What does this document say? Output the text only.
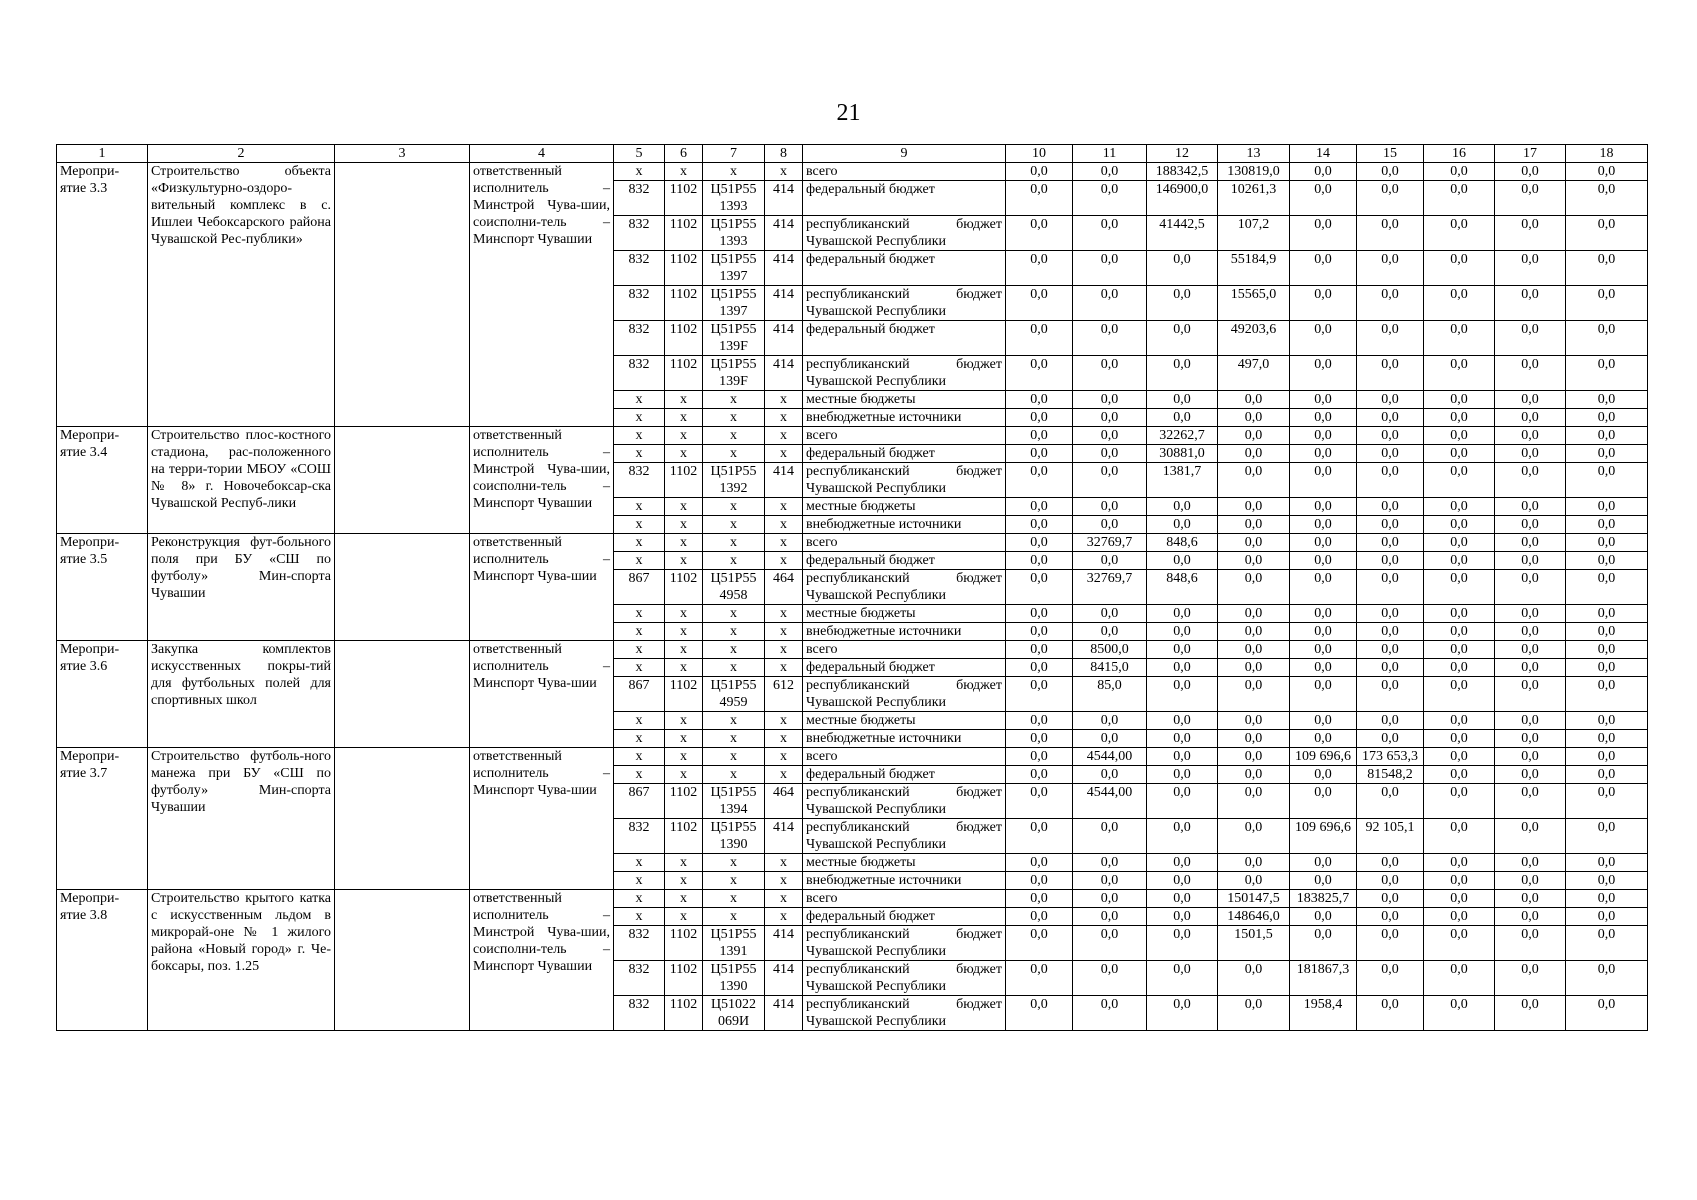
21
1	2	3	4	5	6	7	8	9	10	11	12	13	14	15	16	17	18
Меропри-ятие 3.3	Строительство объекта «Физкультурно-оздоро-вительный комплекс в с. Ишлеи Чебоксарского района Чувашской Рес-публики»		ответственный исполнитель – Минстрой Чува-шии, соисполни-тель – Минспорт Чувашии	х	х	х	х	всего	0,0	0,0	188342,5	130819,0	0,0	0,0	0,0	0,0	0,0
				832	1102	Ц51Р55 1393	414	федеральный бюджет	0,0	0,0	146900,0	10261,3	0,0	0,0	0,0	0,0	0,0
				832	1102	Ц51Р55 1393	414	республиканский бюджет Чувашской Республики	0,0	0,0	41442,5	107,2	0,0	0,0	0,0	0,0	0,0
				832	1102	Ц51Р55 1397	414	федеральный бюджет	0,0	0,0	0,0	55184,9	0,0	0,0	0,0	0,0	0,0
				832	1102	Ц51Р55 1397	414	республиканский бюджет Чувашской Республики	0,0	0,0	0,0	15565,0	0,0	0,0	0,0	0,0	0,0
				832	1102	Ц51Р55 139F	414	федеральный бюджет	0,0	0,0	0,0	49203,6	0,0	0,0	0,0	0,0	0,0
				832	1102	Ц51Р55 139F	414	республиканский бюджет Чувашской Республики	0,0	0,0	0,0	497,0	0,0	0,0	0,0	0,0	0,0
				х	х	х	х	местные бюджеты	0,0	0,0	0,0	0,0	0,0	0,0	0,0	0,0	0,0
				х	х	х	х	внебюджетные источники	0,0	0,0	0,0	0,0	0,0	0,0	0,0	0,0	0,0
Меропри-ятие 3.4	Строительство плос-костного стадиона, рас-положенного на терри-тории МБОУ «СОШ № 8» г. Новочебоксар-ска Чувашской Респуб-лики		ответственный исполнитель – Минстрой Чува-шии, соисполни-тель – Минспорт Чувашии	х	х	х	х	всего	0,0	0,0	32262,7	0,0	0,0	0,0	0,0	0,0	0,0
				х	х	х	х	федеральный бюджет	0,0	0,0	30881,0	0,0	0,0	0,0	0,0	0,0	0,0
				832	1102	Ц51Р55 1392	414	республиканский бюджет Чувашской Республики	0,0	0,0	1381,7	0,0	0,0	0,0	0,0	0,0	0,0
				х	х	х	х	местные бюджеты	0,0	0,0	0,0	0,0	0,0	0,0	0,0	0,0	0,0
				х	х	х	х	внебюджетные источники	0,0	0,0	0,0	0,0	0,0	0,0	0,0	0,0	0,0
Меропри-ятие 3.5	Реконструкция фут-больного поля при БУ «СШ по футболу» Мин-спорта Чувашии		ответственный исполнитель – Минспорт Чува-шии	х	х	х	х	всего	0,0	32769,7	848,6	0,0	0,0	0,0	0,0	0,0	0,0
				х	х	х	х	федеральный бюджет	0,0	0,0	0,0	0,0	0,0	0,0	0,0	0,0	0,0
				867	1102	Ц51Р55 4958	464	республиканский бюджет Чувашской Республики	0,0	32769,7	848,6	0,0	0,0	0,0	0,0	0,0	0,0
				х	х	х	х	местные бюджеты	0,0	0,0	0,0	0,0	0,0	0,0	0,0	0,0	0,0
				х	х	х	х	внебюджетные источники	0,0	0,0	0,0	0,0	0,0	0,0	0,0	0,0	0,0
Меропри-ятие 3.6	Закупка комплектов искусственных покры-тий для футбольных полей для спортивных школ		ответственный исполнитель – Минспорт Чува-шии	х	х	х	х	всего	0,0	8500,0	0,0	0,0	0,0	0,0	0,0	0,0	0,0
				х	х	х	х	федеральный бюджет	0,0	8415,0	0,0	0,0	0,0	0,0	0,0	0,0	0,0
				867	1102	Ц51Р55 4959	612	республиканский бюджет Чувашской Республики	0,0	85,0	0,0	0,0	0,0	0,0	0,0	0,0	0,0
				х	х	х	х	местные бюджеты	0,0	0,0	0,0	0,0	0,0	0,0	0,0	0,0	0,0
				х	х	х	х	внебюджетные источники	0,0	0,0	0,0	0,0	0,0	0,0	0,0	0,0	0,0
Меропри-ятие 3.7	Строительство футболь-ного манежа при БУ «СШ по футболу» Мин-спорта Чувашии		ответственный исполнитель – Минспорт Чува-шии	х	х	х	х	всего	0,0	4544,00	0,0	0,0	109 696,6	173 653,3	0,0	0,0	0,0
				х	х	х	х	федеральный бюджет	0,0	0,0	0,0	0,0	0,0	81548,2	0,0	0,0	0,0
				867	1102	Ц51Р55 1394	464	республиканский бюджет Чувашской Республики	0,0	4544,00	0,0	0,0	0,0	0,0	0,0	0,0	0,0
				832	1102	Ц51Р55 1390	414	республиканский бюджет Чувашской Республики	0,0	0,0	0,0	0,0	109 696,6	92 105,1	0,0	0,0	0,0
				х	х	х	х	местные бюджеты	0,0	0,0	0,0	0,0	0,0	0,0	0,0	0,0	0,0
				х	х	х	х	внебюджетные источники	0,0	0,0	0,0	0,0	0,0	0,0	0,0	0,0	0,0
Меропри-ятие 3.8	Строительство крытого катка с искусственным льдом в микрорай-оне № 1 жилого района «Новый город» г. Че-боксары, поз. 1.25		ответственный исполнитель – Минстрой Чува-шии, соисполни-тель – Минспорт Чувашии	х	х	х	х	всего	0,0	0,0	0,0	150147,5	183825,7	0,0	0,0	0,0	0,0
				х	х	х	х	федеральный бюджет	0,0	0,0	0,0	148646,0	0,0	0,0	0,0	0,0	0,0
				832	1102	Ц51Р55 1391	414	республиканский бюджет Чувашской Республики	0,0	0,0	0,0	1501,5	0,0	0,0	0,0	0,0	0,0
				832	1102	Ц51Р55 1390	414	республиканский бюджет Чувашской Республики	0,0	0,0	0,0	0,0	181867,3	0,0	0,0	0,0	0,0
				832	1102	Ц51022 069И	414	республиканский бюджет Чувашской Республики	0,0	0,0	0,0	0,0	1958,4	0,0	0,0	0,0	0,0
